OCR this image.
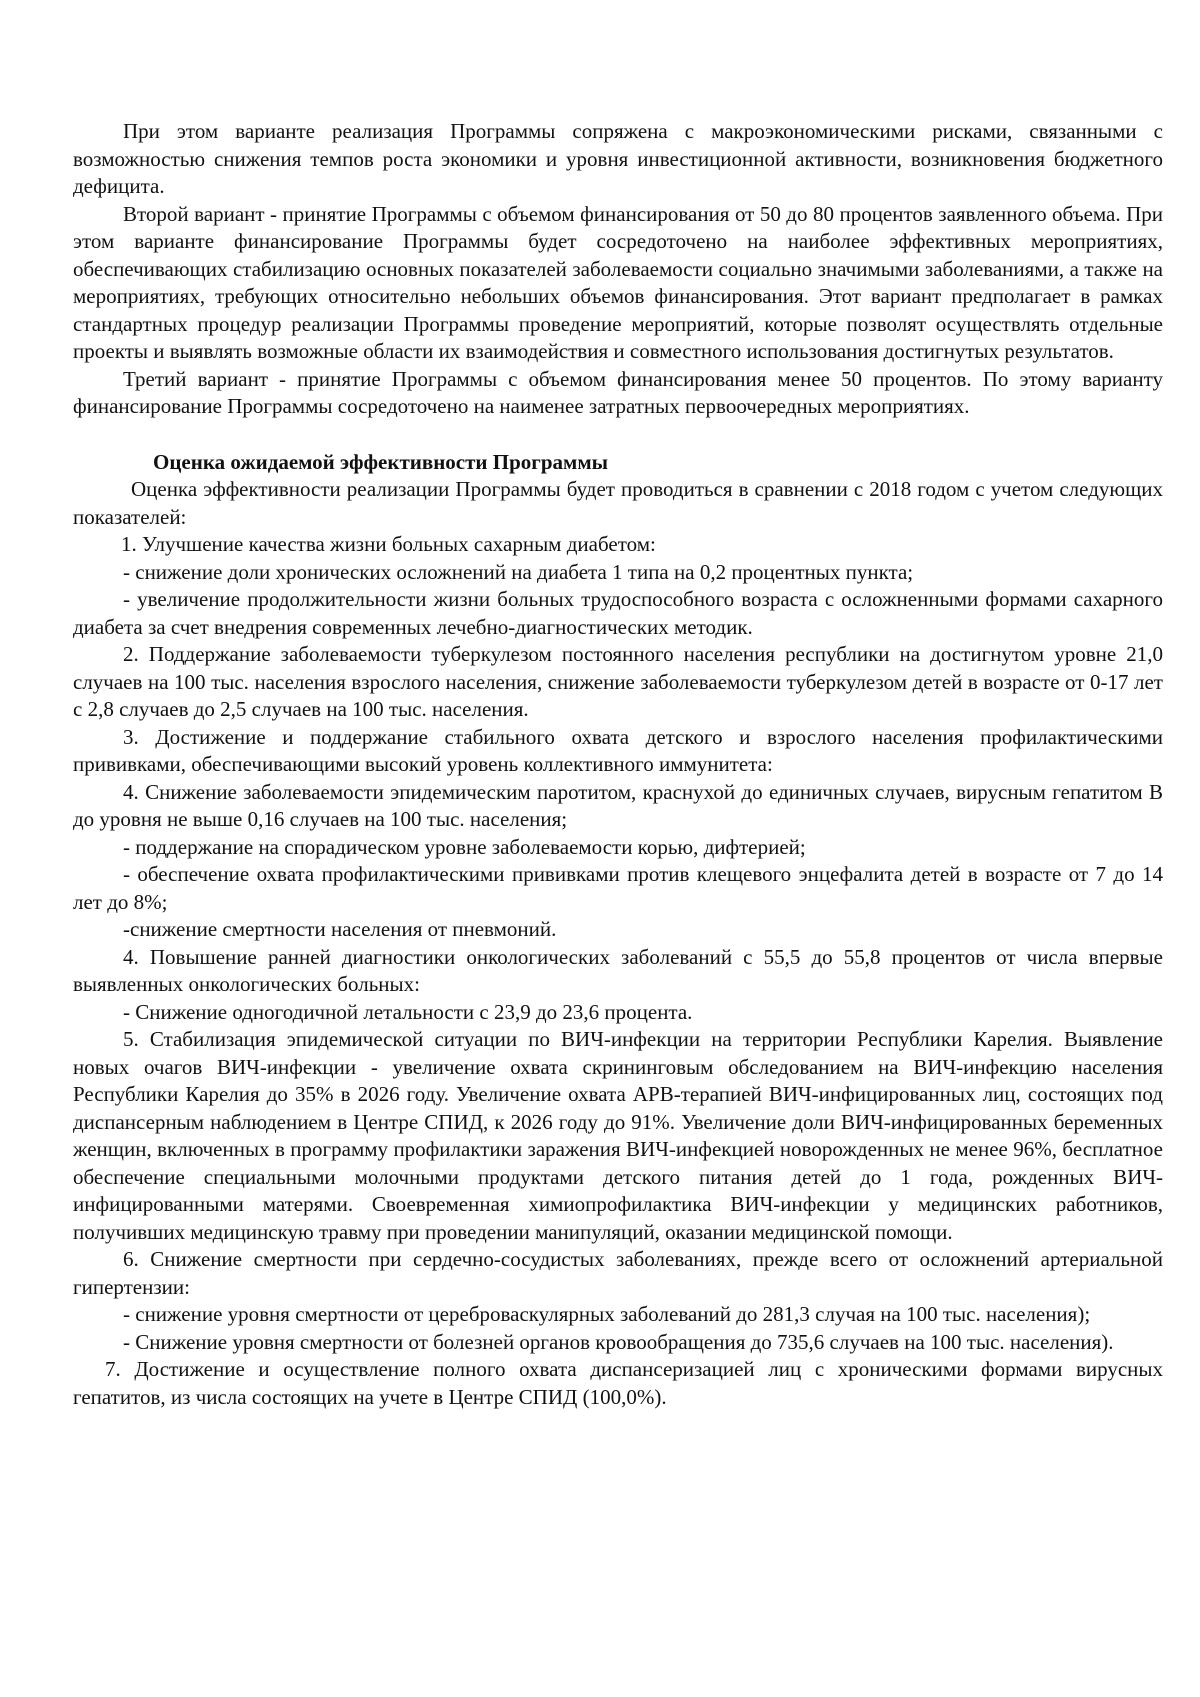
При этом варианте реализация Программы сопряжена с макроэкономическими рисками, связанными с возможностью снижения темпов роста экономики и уровня инвестиционной активности, возникновения бюджетного дефицита.

Второй вариант - принятие Программы с объемом финансирования от 50 до 80 процентов заявленного объема. При этом варианте финансирование Программы будет сосредоточено на наиболее эффективных мероприятиях, обеспечивающих стабилизацию основных показателей заболеваемости социально значимыми заболеваниями, а также на мероприятиях, требующих относительно небольших объемов финансирования. Этот вариант предполагает в рамках стандартных процедур реализации Программы проведение мероприятий, которые позволят осуществлять отдельные проекты и выявлять возможные области их взаимодействия и совместного использования достигнутых результатов.

Третий вариант - принятие Программы с объемом финансирования менее 50 процентов. По этому варианту финансирование Программы сосредоточено на наименее затратных первоочередных мероприятиях.

Оценка ожидаемой эффективности Программы

Оценка эффективности реализации Программы будет проводиться в сравнении с 2018 годом с учетом следующих показателей:

1. Улучшение качества жизни больных сахарным диабетом:

- снижение доли хронических осложнений на диабета 1 типа на 0,2 процентных пункта;

- увеличение продолжительности жизни больных трудоспособного возраста с осложненными формами сахарного диабета за счет внедрения современных лечебно-диагностических методик.

2. Поддержание заболеваемости туберкулезом постоянного населения республики на достигнутом уровне 21,0 случаев на 100 тыс. населения взрослого населения, снижение заболеваемости туберкулезом детей в возрасте от 0-17 лет с 2,8 случаев до 2,5 случаев на 100 тыс. населения.

3. Достижение и поддержание стабильного охвата детского и взрослого населения профилактическими прививками, обеспечивающими высокий уровень коллективного иммунитета:

4. Снижение заболеваемости эпидемическим паротитом, краснухой до единичных случаев, вирусным гепатитом В до уровня не выше 0,16 случаев на 100 тыс. населения;

- поддержание на спорадическом уровне заболеваемости корью, дифтерией;

- обеспечение охвата профилактическими прививками против клещевого энцефалита детей в возрасте от 7 до 14 лет до 8%;

-снижение смертности населения от пневмоний.

4. Повышение ранней диагностики онкологических заболеваний с 55,5 до 55,8 процентов от числа впервые выявленных онкологических больных:

- Снижение одногодичной летальности с 23,9 до 23,6 процента.

5. Стабилизация эпидемической ситуации по ВИЧ-инфекции на территории Республики Карелия. Выявление новых очагов ВИЧ-инфекции - увеличение охвата скрининговым обследованием на ВИЧ-инфекцию населения Республики Карелия до 35% в 2026 году. Увеличение охвата АРВ-терапией ВИЧ-инфицированных лиц, состоящих под диспансерным наблюдением в Центре СПИД, к 2026 году до 91%. Увеличение доли ВИЧ-инфицированных беременных женщин, включенных в программу профилактики заражения ВИЧ-инфекцией новорожденных не менее 96%, бесплатное обеспечение специальными молочными продуктами детского питания детей до 1 года, рожденных ВИЧ-инфицированными матерями. Своевременная химиопрофилактика ВИЧ-инфекции у медицинских работников, получивших медицинскую травму при проведении манипуляций, оказании медицинской помощи.

6. Снижение смертности при сердечно-сосудистых заболеваниях, прежде всего от осложнений артериальной гипертензии:

- снижение уровня смертности от цереброваскулярных заболеваний до 281,3 случая на 100 тыс. населения);

- Снижение уровня смертности от болезней органов кровообращения до 735,6 случаев на 100 тыс. населения).

7. Достижение и осуществление полного охвата диспансеризацией лиц с хроническими формами вирусных гепатитов, из числа состоящих на учете в Центре СПИД (100,0%).
